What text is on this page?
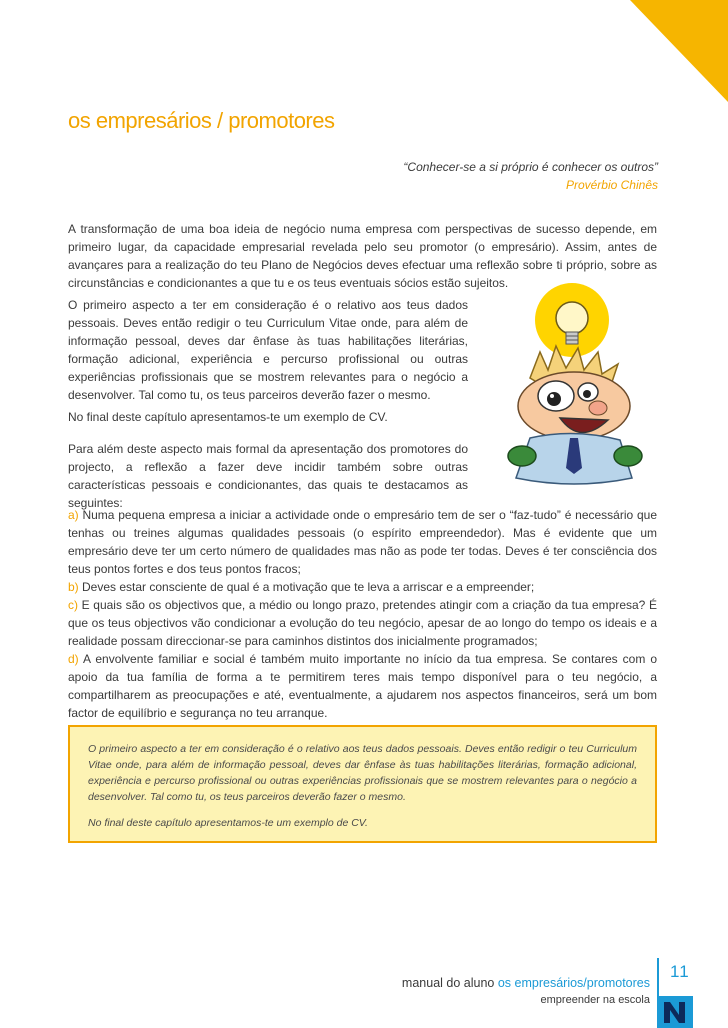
os empresários / promotores
“Conhecer-se a si próprio é conhecer os outros”
Provérbio Chinês

A transformação de uma boa ideia de negócio numa empresa com perspectivas de sucesso depende, em primeiro lugar, da capacidade empresarial revelada pelo seu promotor (o empresário). Assim, antes de avançares para a realização do teu Plano de Negócios deves efectuar uma reflexão sobre ti próprio, sobre as circunstâncias e condicionantes a que tu e os teus eventuais sócios estão sujeitos.

O primeiro aspecto a ter em consideração é o relativo aos teus dados pessoais. Deves então redigir o teu Curriculum Vitae onde, para além de informação pessoal, deves dar ênfase às tuas habilitações literárias, formação adicional, experiência e percurso profissional ou outras experiências profissionais que se mostrem relevantes para o negócio a desenvolver. Tal como tu, os teus parceiros deverão fazer o mesmo.

No final deste capítulo apresentamos-te um exemplo de CV.

Para além deste aspecto mais formal da apresentação dos promotores do projecto, a reflexão a fazer deve incidir também sobre outras características pessoais e condicionantes, das quais te destacamos as seguintes:

a) Numa pequena empresa a iniciar a actividade onde o empresário tem de ser o “faz-tudo” é necessário que tenhas ou treines algumas qualidades pessoais (o espírito empreendedor). Mas é evidente que um empresário deve ter um certo número de qualidades mas não as pode ter todas. Deves é ter consciência dos teus pontos fortes e dos teus pontos fracos;

b) Deves estar consciente de qual é a motivação que te leva a arriscar e a empreender;

c) E quais são os objectivos que, a médio ou longo prazo, pretendes atingir com a criação da tua empresa? É que os teus objectivos vão condicionar a evolução do teu negócio, apesar de ao longo do tempo os ideais e a realidade possam direccionar-se para caminhos distintos dos inicialmente programados;

d) A envolvente familiar e social é também muito importante no início da tua empresa. Se contares com o apoio da tua família de forma a te permitirem teres mais tempo disponível para o teu negócio, a compartilharem as preocupações e até, eventualmente, a ajudarem nos aspectos financeiros, será um bom factor de equilíbrio e segurança no teu arranque.

O primeiro aspecto a ter em consideração é o relativo aos teus dados pessoais. Deves então redigir o teu Curriculum Vitae onde, para além de informação pessoal, deves dar ênfase às tuas habilitações literárias, formação adicional, experiência e percurso profissional ou outras experiências profissionais que se mostrem relevantes para o negócio a desenvolver. Tal como tu, os teus parceiros deverão fazer o mesmo.

No final deste capítulo apresentamos-te um exemplo de CV.

11
manual do aluno os empresários/promotores
empreender na escola
